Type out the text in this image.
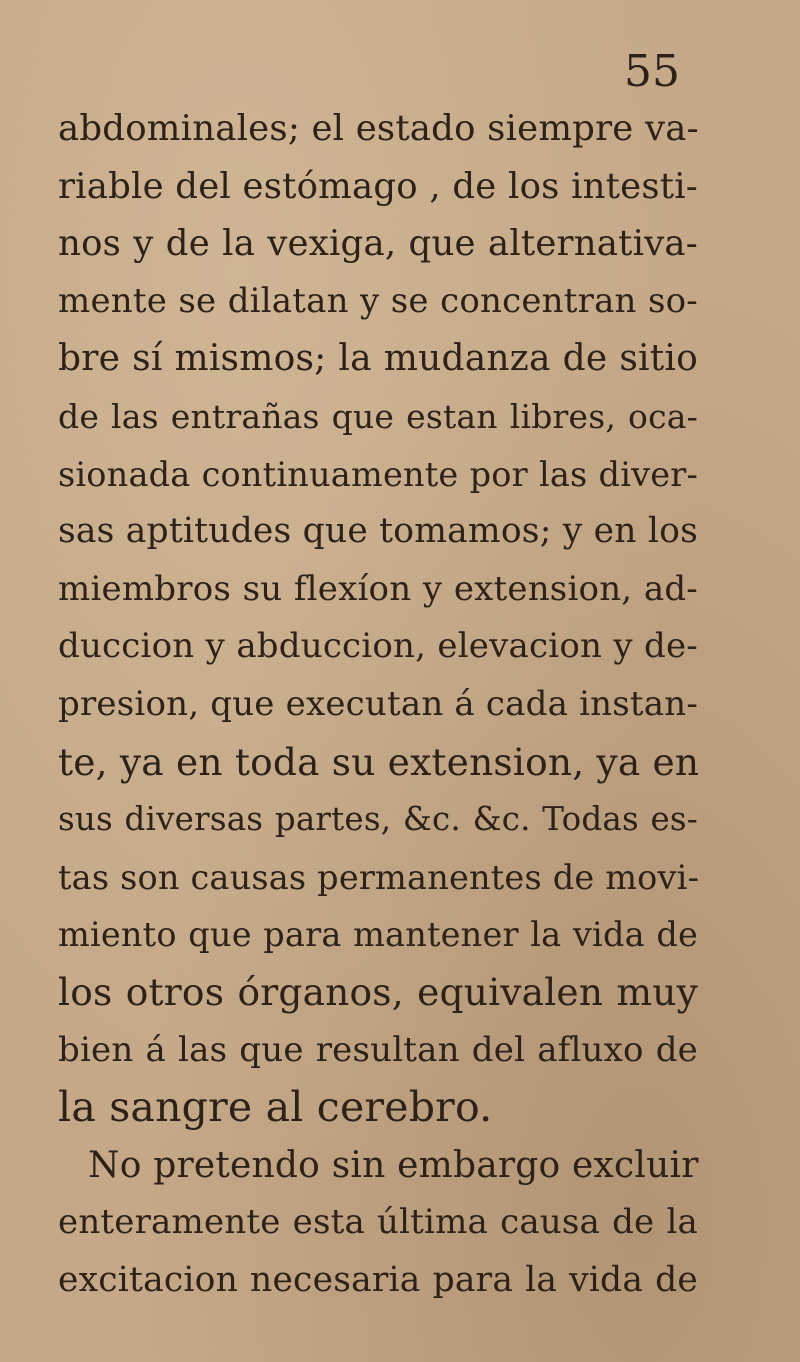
55
abdominales; el estado siempre va-
riable del estómago , de los intesti-
nos y de la vexiga, que alternativa-
mente se dilatan y se concentran so-
bre sí mismos; la mudanza de sitio
de las entrañas que estan libres, oca-
sionada continuamente por las diver-
sas aptitudes que tomamos; y en los
miembros su flexíon y extension, ad-
duccion y abduccion, elevacion y de-
presion, que executan á cada instan-
te, ya en toda su extension, ya en
sus diversas partes, &c. &c. Todas es-
tas son causas permanentes de movi-
miento que para mantener la vida de
los otros órganos, equivalen muy
bien á las que resultan del afluxo de
la sangre al cerebro.
No pretendo sin embargo excluir
enteramente esta última causa de la
excitacion necesaria para la vida de
